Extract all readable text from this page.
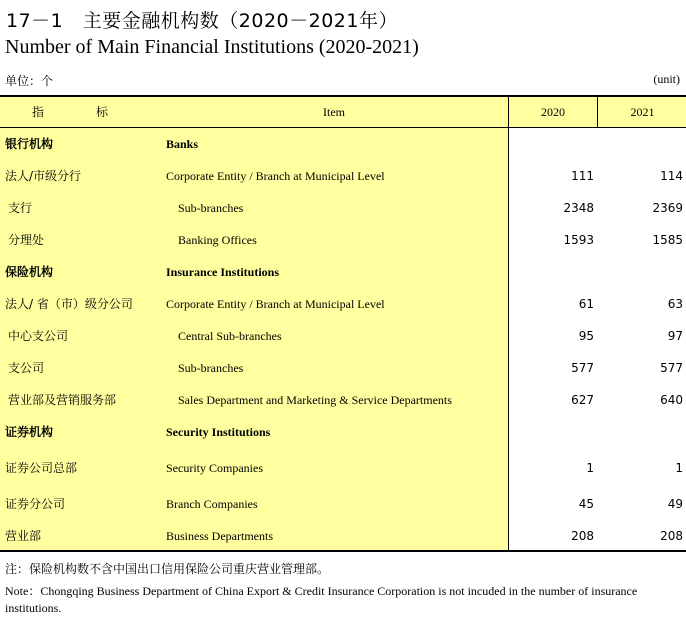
17－1　主要金融机构数（2020－2021年）
Number of Main Financial Institutions (2020-2021)
单位：个	(unit)
指　标	Item	2020	2021
银行机构	Banks
法人/市级分行	Corporate Entity / Branch at Municipal Level	111	114
支行	Sub-branches	2348	2369
分理处	Banking Offices	1593	1585
保险机构	Insurance Institutions
法人/ 省（市）级分公司	Corporate Entity / Branch at Municipal Level	61	63
中心支公司	Central Sub-branches	95	97
支公司	Sub-branches	577	577
营业部及营销服务部	Sales Department and Marketing & Service Departments	627	640
证券机构	Security Institutions
证券公司总部	Security Companies	1	1
证券分公司	Branch Companies	45	49
营业部	Business Departments	208	208
注：保险机构数不含中国出口信用保险公司重庆营业管理部。
Note：Chongqing Business Department of China Export & Credit Insurance Corporation is not incuded in the number of insurance institutions.
